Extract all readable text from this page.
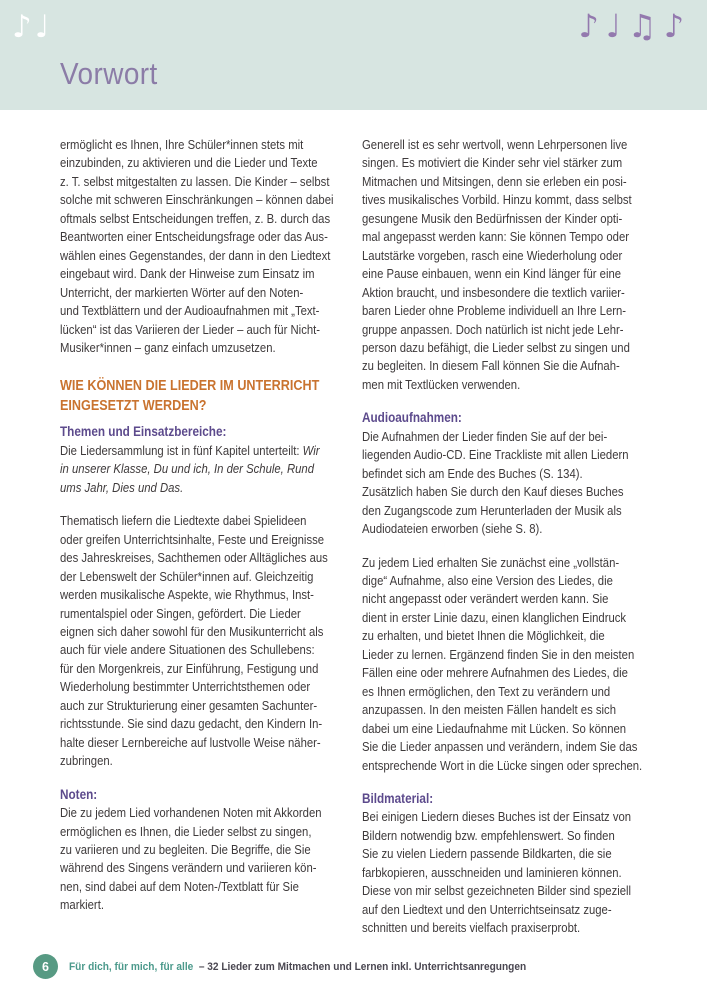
♪♩	♪♩♫♪
Vorwort
ermöglicht es Ihnen, Ihre Schüler*innen stets mit
einzubinden, zu aktivieren und die Lieder und Texte
z. T. selbst mitgestalten zu lassen. Die Kinder – selbst
solche mit schweren Einschränkungen – können dabei
oftmals selbst Entscheidungen treffen, z. B. durch das
Beantworten einer Entscheidungsfrage oder das Aus-
wählen eines Gegenstandes, der dann in den Liedtext
eingebaut wird. Dank der Hinweise zum Einsatz im
Unterricht, der markierten Wörter auf den Noten-
und Textblättern und der Audioaufnahmen mit „Text-
lücken“ ist das Variieren der Lieder – auch für Nicht-
Musiker*innen – ganz einfach umzusetzen.
WIE KÖNNEN DIE LIEDER IM UNTERRICHT
EINGESETZT WERDEN?
Themen und Einsatzbereiche:
Die Liedersammlung ist in fünf Kapitel unterteilt: Wir
in unserer Klasse, Du und ich, In der Schule, Rund
ums Jahr, Dies und Das.
Thematisch liefern die Liedtexte dabei Spielideen
oder greifen Unterrichtsinhalte, Feste und Ereignisse
des Jahreskreises, Sachthemen oder Alltägliches aus
der Lebenswelt der Schüler*innen auf. Gleichzeitig
werden musikalische Aspekte, wie Rhythmus, Inst-
rumentalspiel oder Singen, gefördert. Die Lieder
eignen sich daher sowohl für den Musikunterricht als
auch für viele andere Situationen des Schullebens:
für den Morgenkreis, zur Einführung, Festigung und
Wiederholung bestimmter Unterrichtsthemen oder
auch zur Strukturierung einer gesamten Sachunter-
richtsstunde. Sie sind dazu gedacht, den Kindern In-
halte dieser Lernbereiche auf lustvolle Weise näher-
zubringen.
Noten:
Die zu jedem Lied vorhandenen Noten mit Akkorden
ermöglichen es Ihnen, die Lieder selbst zu singen,
zu variieren und zu begleiten. Die Begriffe, die Sie
während des Singens verändern und variieren kön-
nen, sind dabei auf dem Noten-/Textblatt für Sie
markiert.
Generell ist es sehr wertvoll, wenn Lehrpersonen live
singen. Es motiviert die Kinder sehr viel stärker zum
Mitmachen und Mitsingen, denn sie erleben ein posi-
tives musikalisches Vorbild. Hinzu kommt, dass selbst
gesungene Musik den Bedürfnissen der Kinder opti-
mal angepasst werden kann: Sie können Tempo oder
Lautstärke vorgeben, rasch eine Wiederholung oder
eine Pause einbauen, wenn ein Kind länger für eine
Aktion braucht, und insbesondere die textlich variier-
baren Lieder ohne Probleme individuell an Ihre Lern-
gruppe anpassen. Doch natürlich ist nicht jede Lehr-
person dazu befähigt, die Lieder selbst zu singen und
zu begleiten. In diesem Fall können Sie die Aufnah-
men mit Textlücken verwenden.
Audioaufnahmen:
Die Aufnahmen der Lieder finden Sie auf der bei-
liegenden Audio-CD. Eine Trackliste mit allen Liedern
befindet sich am Ende des Buches (S. 134).
Zusätzlich haben Sie durch den Kauf dieses Buches
den Zugangscode zum Herunterladen der Musik als
Audiodateien erworben (siehe S. 8).
Zu jedem Lied erhalten Sie zunächst eine „vollstän-
dige“ Aufnahme, also eine Version des Liedes, die
nicht angepasst oder verändert werden kann. Sie
dient in erster Linie dazu, einen klanglichen Eindruck
zu erhalten, und bietet Ihnen die Möglichkeit, die
Lieder zu lernen. Ergänzend finden Sie in den meisten
Fällen eine oder mehrere Aufnahmen des Liedes, die
es Ihnen ermöglichen, den Text zu verändern und
anzupassen. In den meisten Fällen handelt es sich
dabei um eine Liedaufnahme mit Lücken. So können
Sie die Lieder anpassen und verändern, indem Sie das
entsprechende Wort in die Lücke singen oder sprechen.
Bildmaterial:
Bei einigen Liedern dieses Buches ist der Einsatz von
Bildern notwendig bzw. empfehlenswert. So finden
Sie zu vielen Liedern passende Bildkarten, die sie
farbkopieren, ausschneiden und laminieren können.
Diese von mir selbst gezeichneten Bilder sind speziell
auf den Liedtext und den Unterrichtseinsatz zuge-
schnitten und bereits vielfach praxiserprobt.
6	Für dich, für mich, für alle – 32 Lieder zum Mitmachen und Lernen inkl. Unterrichtsanregungen
